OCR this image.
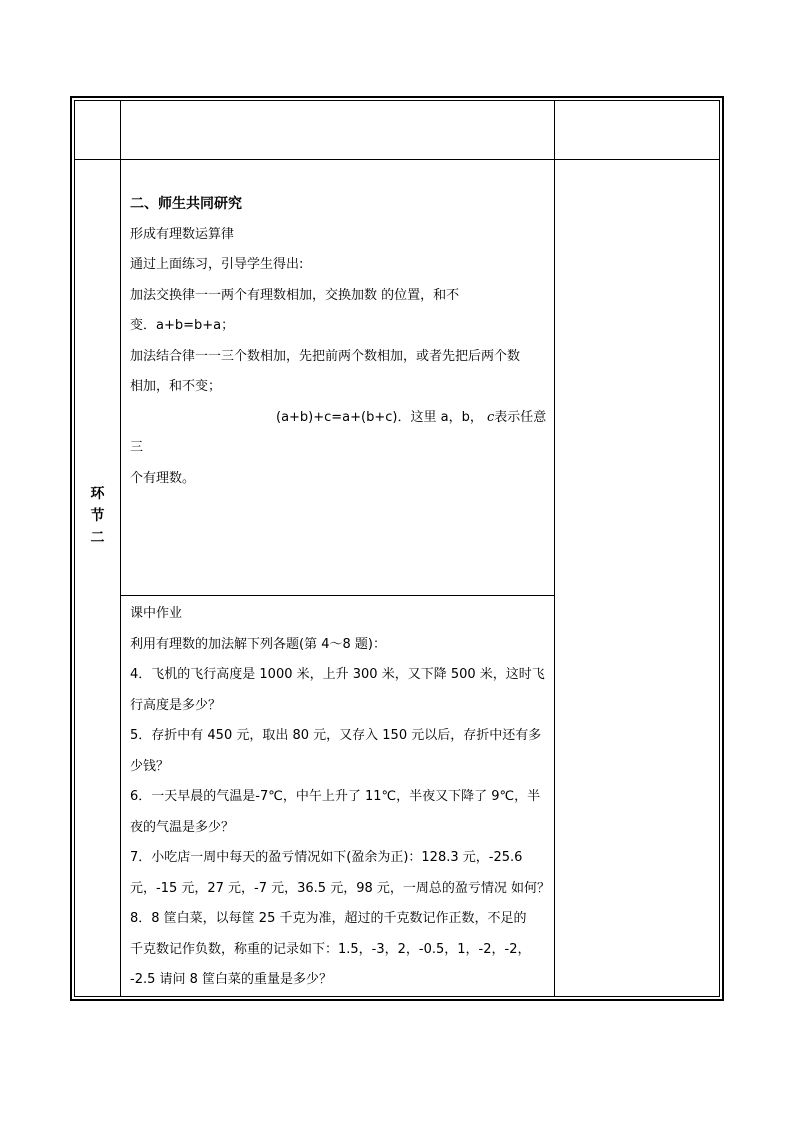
环
节
二

二、师生共同研究

形成有理数运算律

通过上面练习，引导学生得出:

加法交换律一一两个有理数相加，交换加数 的位置，和不

变．a+b=b+a；

加法结合律一一三个数相加，先把前两个数相加，或者先把后两个数

相加，和不变；

(a+b)+c=a+(b+c)．这里 a，b， c表示任意三

个有理数。

课中作业

利用有理数的加法解下列各题(第 4～8 题)：

4．飞机的飞行高度是 1000 米，上升 300 米，又下降 500 米，这时飞

行高度是多少？

5．存折中有 450 元，取出 80 元，又存入 150 元以后，存折中还有多

少钱？

6．一天早晨的气温是-7℃，中午上升了 11℃，半夜又下降了 9℃，半

夜的气温是多少？

7．小吃店一周中每天的盈亏情况如下(盈余为正)：128.3 元，-25.6

元，-15 元，27 元，-7 元，36.5 元，98 元，一周总的盈亏情况 如何？

8．8 筐白菜，以每筐 25 千克为准，超过的千克数记作正数，不足的

千克数记作负数，称重的记录如下：1.5，-3，2，-0.5，1，-2，-2，

-2.5 请问 8 筐白菜的重量是多少？
